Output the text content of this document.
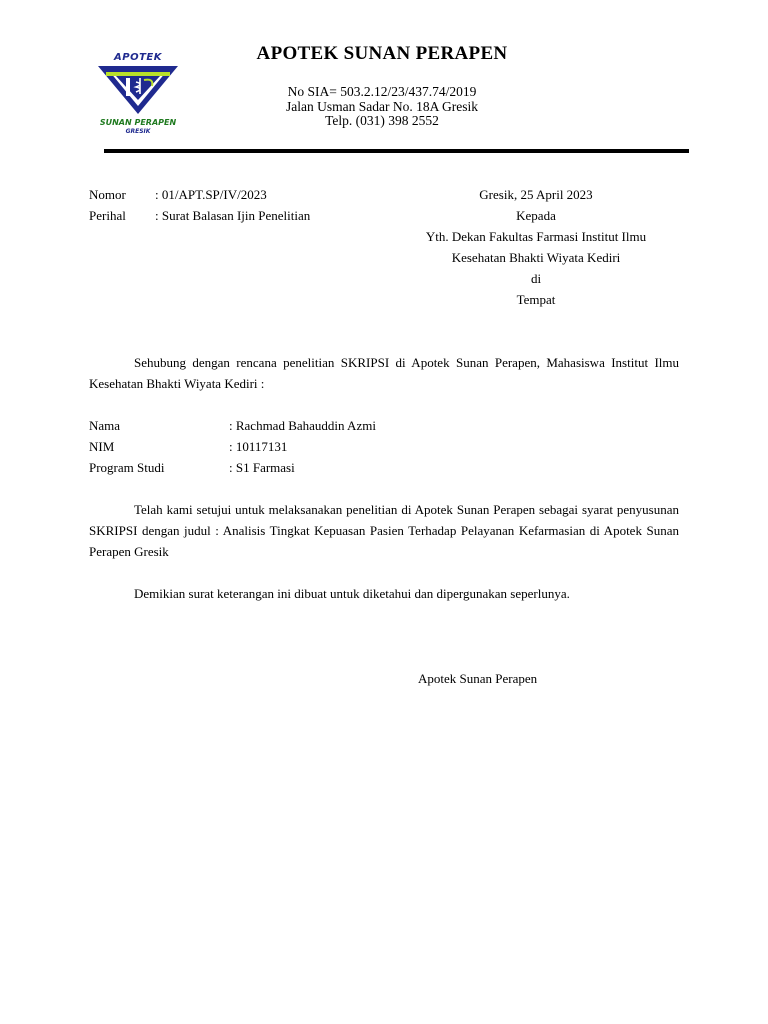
APOTEK
SUNAN PERAPEN
GRESIK
APOTEK SUNAN PERAPEN
No SIA= 503.2.12/23/437.74/2019
Jalan Usman Sadar No. 18A Gresik
Telp. (031) 398 2552
Nomor : 01/APT.SP/IV/2023
Perihal : Surat Balasan Ijin Penelitian
Gresik, 25 April 2023
Kepada
Yth. Dekan Fakultas Farmasi Institut Ilmu
Kesehatan Bhakti Wiyata Kediri
di
Tempat
Sehubung dengan rencana penelitian SKRIPSI di Apotek Sunan Perapen, Mahasiswa Institut Ilmu Kesehatan Bhakti Wiyata Kediri :
Nama	: Rachmad Bahauddin Azmi
NIM	: 10117131
Program Studi	: S1 Farmasi
Telah kami setujui untuk melaksanakan penelitian di Apotek Sunan Perapen sebagai syarat penyusunan SKRIPSI dengan judul : Analisis Tingkat Kepuasan Pasien Terhadap Pelayanan Kefarmasian di Apotek Sunan Perapen Gresik
Demikian surat keterangan ini dibuat untuk diketahui dan dipergunakan seperlunya.
Apotek Sunan Perapen
